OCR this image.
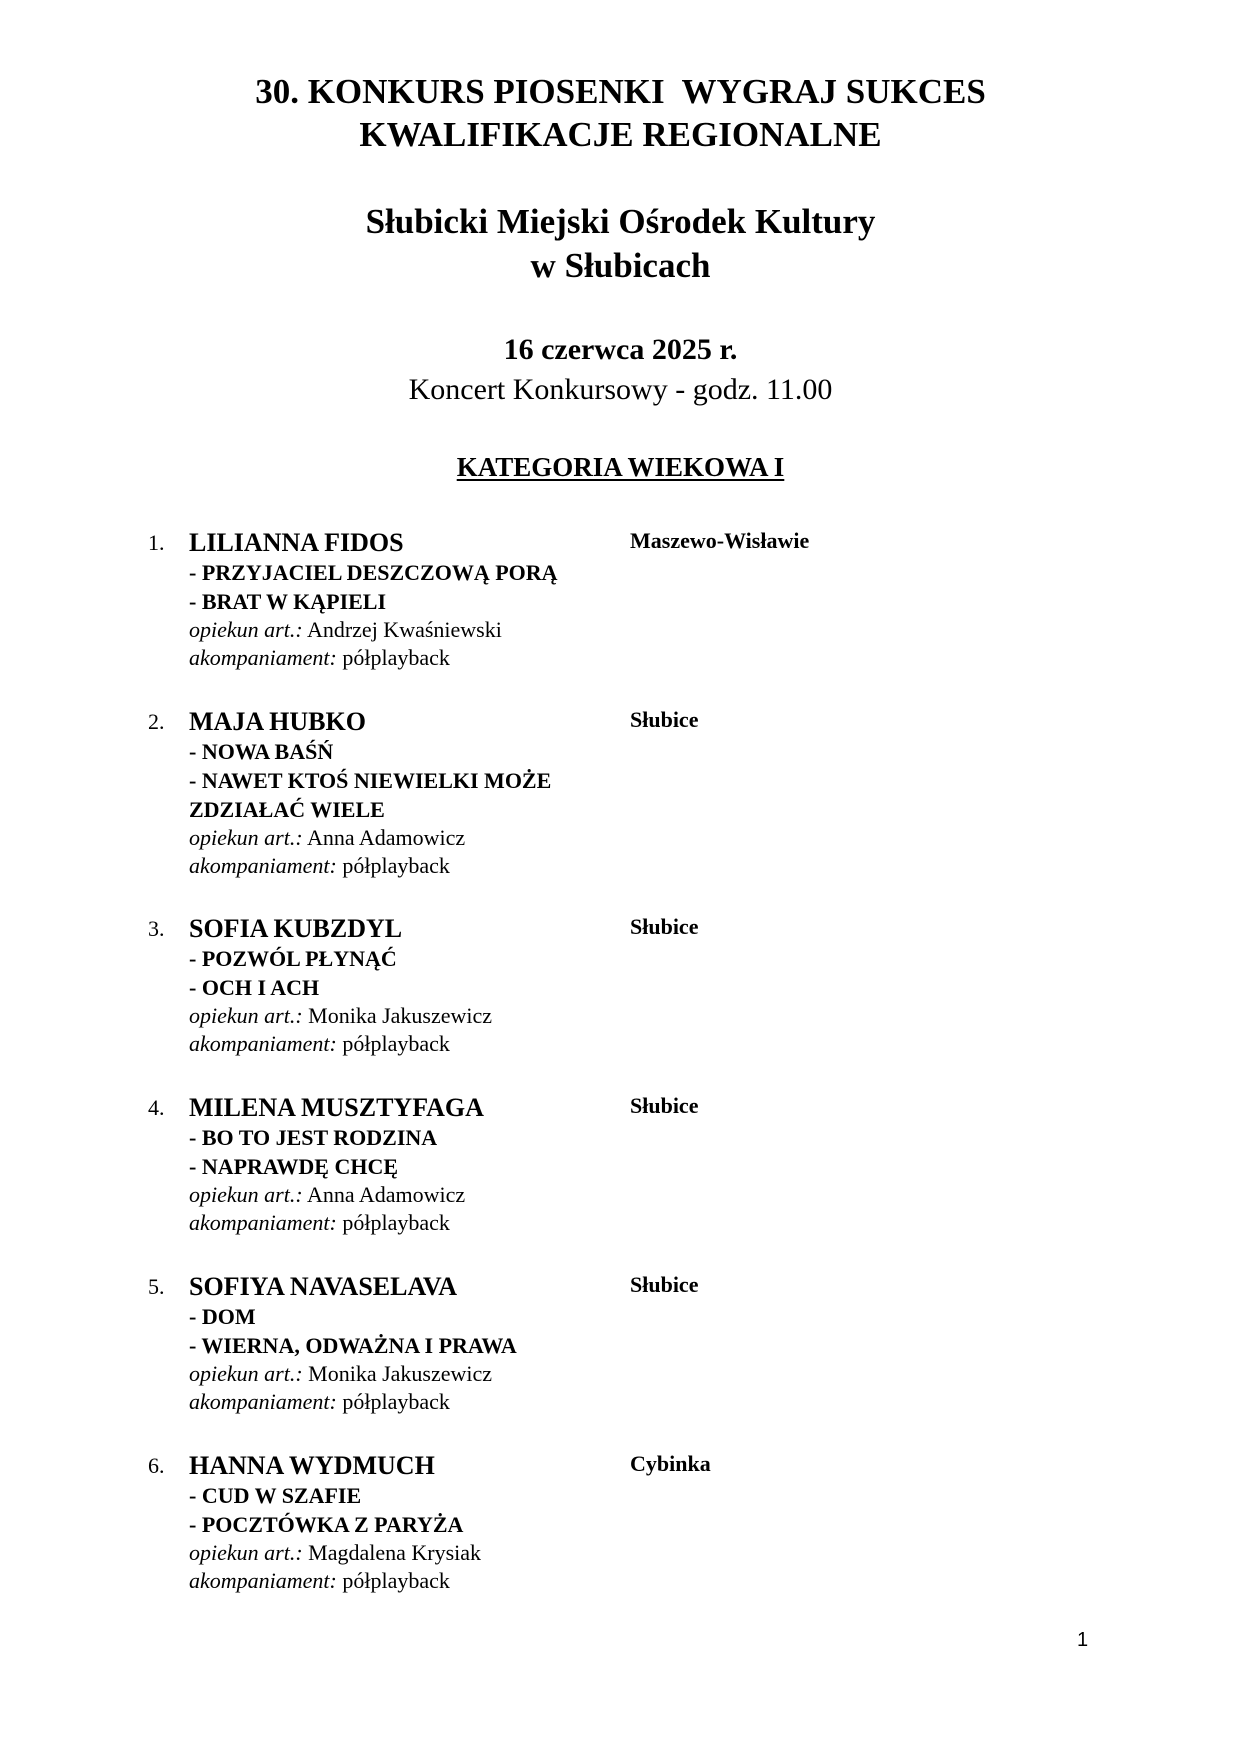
30. KONKURS PIOSENKI  WYGRAJ SUKCES
KWALIFIKACJE REGIONALNE
Słubicki Miejski Ośrodek Kultury
w Słubicach
16 czerwca 2025 r.
Koncert Konkursowy - godz. 11.00
KATEGORIA WIEKOWA I
1. LILIANNA FIDOS
- PRZYJACIEL DESZCZOWĄ PORĄ
- BRAT W KĄPIELI
opiekun art.: Andrzej Kwaśniewski
akompaniament: półplayback
Maszewo-Wisławie
2. MAJA HUBKO
- NOWA BAŚŃ
- NAWET KTOŚ NIEWIELKI MOŻE ZDZIAŁAĆ WIELE
opiekun art.: Anna Adamowicz
akompaniament: półplayback
Słubice
3. SOFIA KUBZDYL
- POZWÓL PŁYNĄĆ
- OCH I ACH
opiekun art.: Monika Jakuszewicz
akompaniament: półplayback
Słubice
4. MILENA MUSZTYFAGA
- BO TO JEST RODZINA
- NAPRAWDĘ CHCĘ
opiekun art.: Anna Adamowicz
akompaniament: półplayback
Słubice
5. SOFIYA NAVASELAVA
- DOM
- WIERNA, ODWAŻNA I PRAWA
opiekun art.: Monika Jakuszewicz
akompaniament: półplayback
Słubice
6. HANNA WYDMUCH
- CUD W SZAFIE
- POCZTÓWKA Z PARYŻA
opiekun art.: Magdalena Krysiak
akompaniament: półplayback
Cybinka
1
